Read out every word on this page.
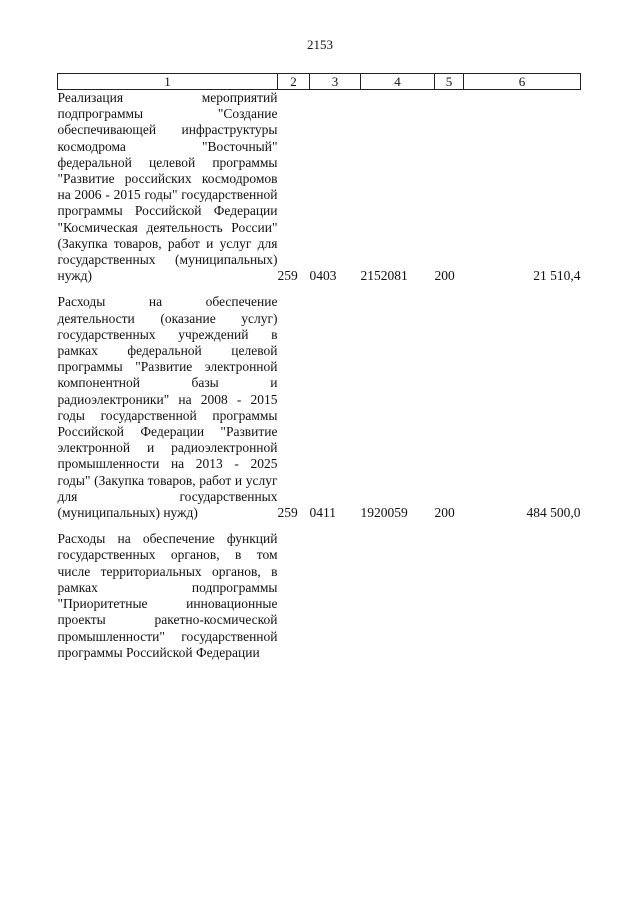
2153
1	2	3	4	5	6
Реализация мероприятий подпрограммы "Создание обеспечивающей инфраструктуры космодрома "Восточный" федеральной целевой программы "Развитие российских космодромов на 2006 - 2015 годы" государственной программы Российской Федерации "Космическая деятельность России" (Закупка товаров, работ и услуг для государственных (муниципальных) нужд)	259	0403	2152081	200	21 510,4

Расходы на обеспечение деятельности (оказание услуг) государственных учреждений в рамках федеральной целевой программы "Развитие электронной компонентной базы и радиоэлектроники" на 2008 - 2015 годы государственной программы Российской Федерации "Развитие электронной и радиоэлектронной промышленности на 2013 - 2025 годы" (Закупка товаров, работ и услуг для государственных (муниципальных) нужд)	259	0411	1920059	200	484 500,0

Расходы на обеспечение функций государственных органов, в том числе территориальных органов, в рамках подпрограммы "Приоритетные инновационные проекты ракетно-космической промышленности" государственной программы Российской Федерации					
